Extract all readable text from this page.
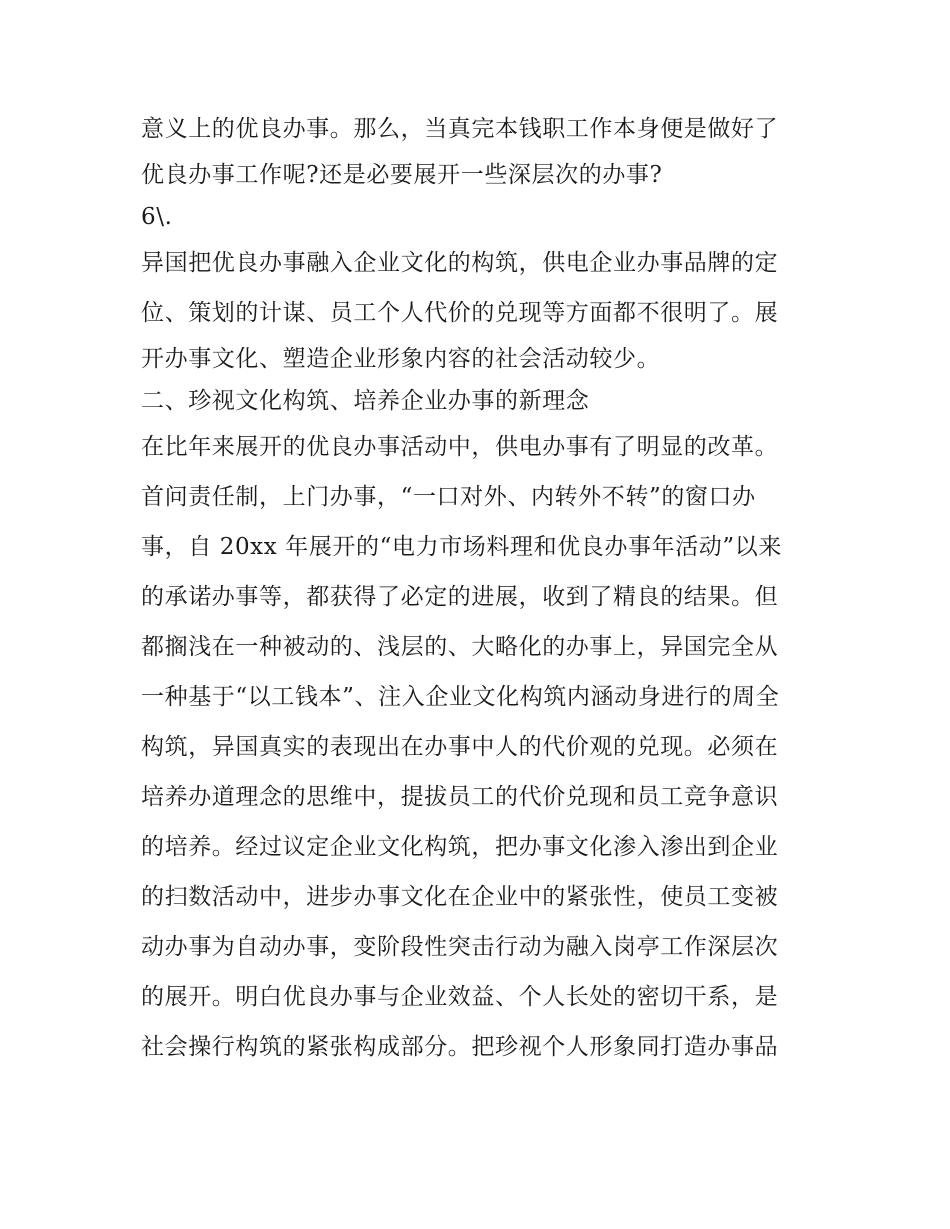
意义上的优良办事。那么，当真完本钱职工作本身便是做好了
优良办事工作呢?还是必要展开一些深层次的办事?
6\.
异国把优良办事融入企业文化的构筑，供电企业办事品牌的定
位、策划的计谋、员工个人代价的兑现等方面都不很明了。展
开办事文化、塑造企业形象内容的社会活动较少。
二、珍视文化构筑、培养企业办事的新理念
在比年来展开的优良办事活动中，供电办事有了明显的改革。
首问责任制，上门办事，“一口对外、内转外不转”的窗口办
事，自 20xx 年展开的“电力市场料理和优良办事年活动”以来
的承诺办事等，都获得了必定的进展，收到了精良的结果。但
都搁浅在一种被动的、浅层的、大略化的办事上，异国完全从
一种基于“以工钱本”、注入企业文化构筑内涵动身进行的周全
构筑，异国真实的表现出在办事中人的代价观的兑现。必须在
培养办道理念的思维中，提拔员工的代价兑现和员工竞争意识
的培养。经过议定企业文化构筑，把办事文化渗入渗出到企业
的扫数活动中，进步办事文化在企业中的紧张性，使员工变被
动办事为自动办事，变阶段性突击行动为融入岗亭工作深层次
的展开。明白优良办事与企业效益、个人长处的密切干系，是
社会操行构筑的紧张构成部分。把珍视个人形象同打造办事品
